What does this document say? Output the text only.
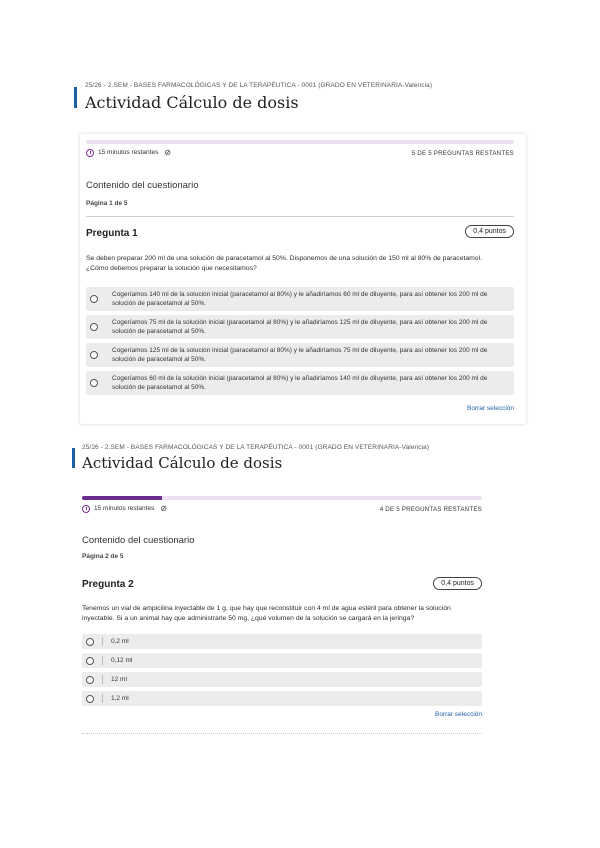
25/26 - 2.SEM - BASES FARMACOLÓGICAS Y DE LA TERAPÉUTICA - 0001 (GRADO EN VETERINARIA-Valencia)
Actividad Cálculo de dosis
15 minutos restantes ⊘	5 DE 5 PREGUNTAS RESTANTES
Contenido del cuestionario
Página 1 de 5
Pregunta 1	0,4 puntos
Se deben preparar 200 ml de una solución de paracetamol al 50%. Disponemos de una solución de 150 ml al 80% de paracetamol. ¿Cómo debemos preparar la solución que necesitamos?
Cogeríamos 140 ml de la solución inicial (paracetamol al 80%) y le añadiríamos 60 ml de diluyente, para así obtener los 200 ml de solución de paracetamol al 50%.
Cogeríamos 75 ml de la solución inicial (paracetamol al 80%) y le añadiríamos 125 ml de diluyente, para así obtener los 200 ml de solución de paracetamol al 50%.
Cogeríamos 125 ml de la solución inicial (paracetamol al 80%) y le añadiríamos 75 ml de diluyente, para así obtener los 200 ml de solución de paracetamol al 50%.
Cogeríamos 60 ml de la solución inicial (paracetamol al 80%) y le añadiríamos 140 ml de diluyente, para así obtener los 200 ml de solución de paracetamol al 50%.
Borrar selección
25/26 - 2.SEM - BASES FARMACOLÓGICAS Y DE LA TERAPÉUTICA - 0001 (GRADO EN VETERINARIA-Valencia)
Actividad Cálculo de dosis
15 minutos restantes ⊘	4 DE 5 PREGUNTAS RESTANTES
Contenido del cuestionario
Página 2 de 5
Pregunta 2	0,4 puntos
Tenemos un vial de ampicilina inyectable de 1 g, que hay que reconstituir con 4 ml de agua estéril para obtener la solución inyectable. Si a un animal hay que administrarle 50 mg, ¿qué volumen de la solución se cargará en la jeringa?
0,2 ml
0,12 ml
12 ml
1,2 ml
Borrar selección
